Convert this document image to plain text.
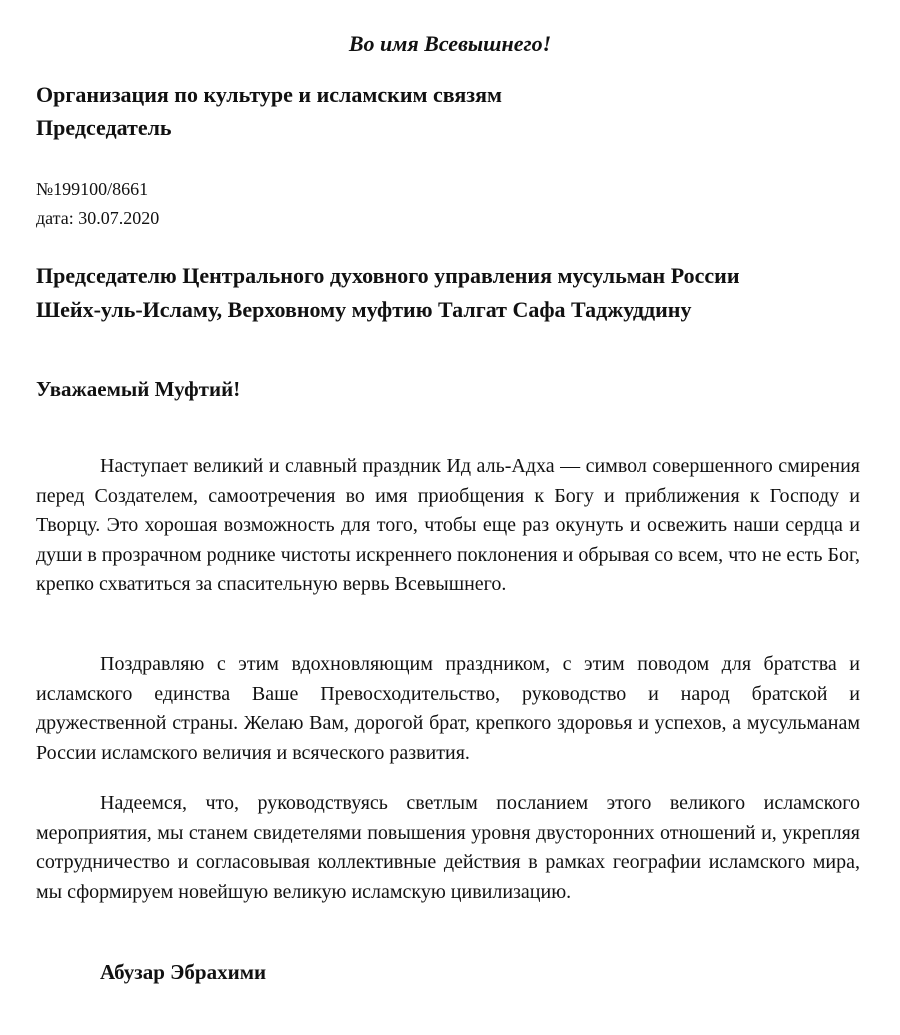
Во имя Всевышнего!
Организация по культуре и исламским связям
Председатель
№199100/8661
дата: 30.07.2020
Председателю Центрального духовного управления мусульман России
Шейх-уль-Исламу, Верховному муфтию Талгат Сафа Таджуддину
Уважаемый Муфтий!

Наступает великий и славный праздник Ид аль-Адха — символ совершенного смирения перед Создателем, самоотречения во имя приобщения к Богу и приближения к Господу и Творцу. Это хорошая возможность для того, чтобы еще раз окунуть и освежить наши сердца и души в прозрачном роднике чистоты искреннего поклонения и обрывая со всем, что не есть Бог, крепко схватиться за спасительную вервь Всевышнего.

Поздравляю с этим вдохновляющим праздником, с этим поводом для братства и исламского единства Ваше Превосходительство, руководство и народ братской и дружественной страны. Желаю Вам, дорогой брат, крепкого здоровья и успехов, а мусульманам России исламского величия и всяческого развития.

Надеемся, что, руководствуясь светлым посланием этого великого исламского мероприятия, мы станем свидетелями повышения уровня двусторонних отношений и, укрепляя сотрудничество и согласовывая коллективные действия в рамках географии исламского мира, мы сформируем новейшую великую исламскую цивилизацию.

Абузар Эбрахими
